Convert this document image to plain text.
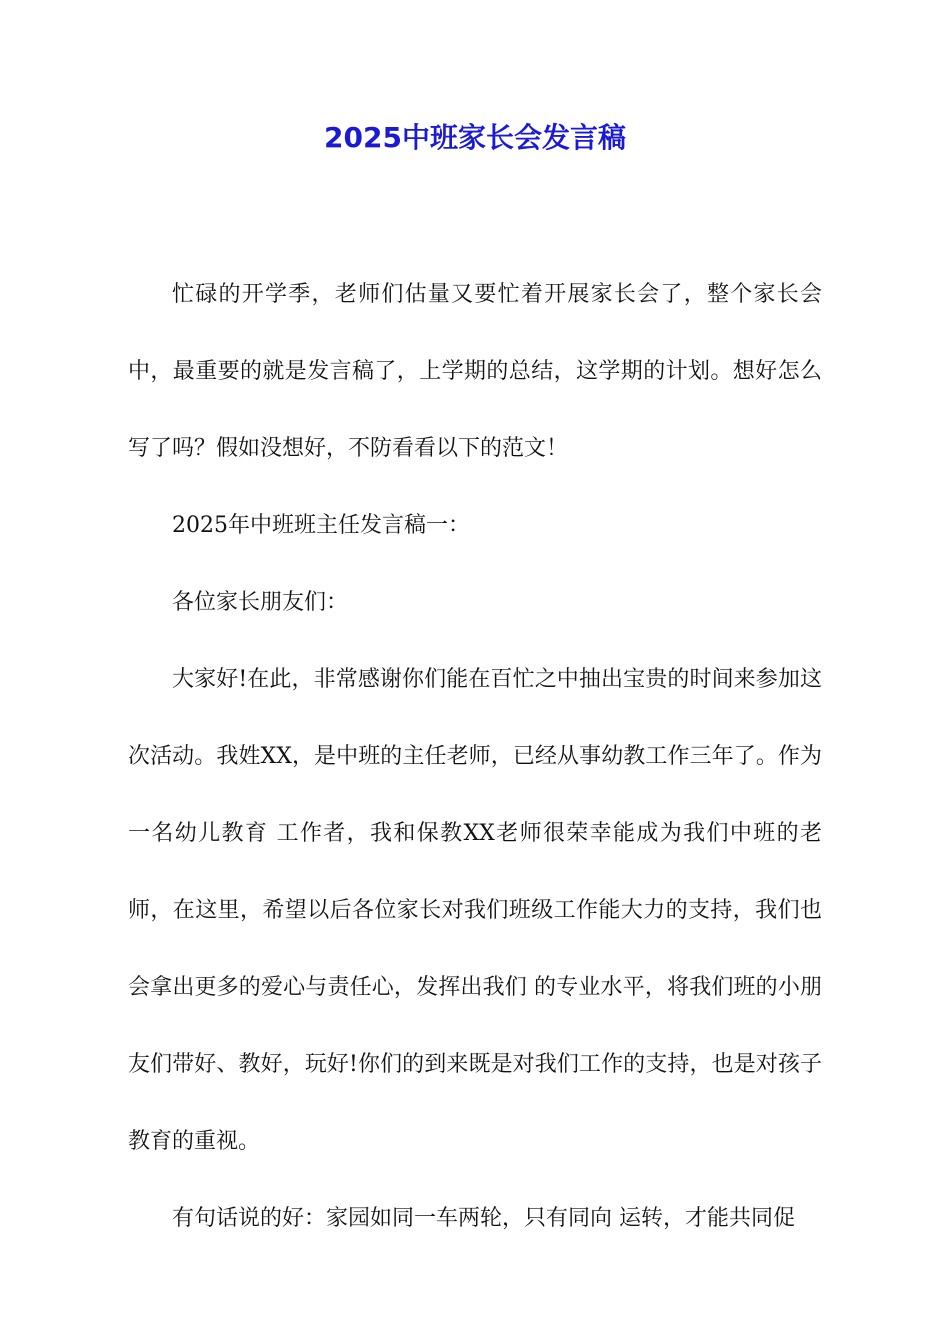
2025中班家长会发言稿

忙碌的开学季，老师们估量又要忙着开展家长会了，整个家长会中，最重要的就是发言稿了，上学期的总结，这学期的计划。想好怎么写了吗？假如没想好，不防看看以下的范文！

2025年中班班主任发言稿一：

各位家长朋友们：

大家好!在此，非常感谢你们能在百忙之中抽出宝贵的时间来参加这次活动。我姓XX，是中班的主任老师，已经从事幼教工作三年了。作为一名幼儿教育 工作者，我和保教XX老师很荣幸能成为我们中班的老师，在这里，希望以后各位家长对我们班级工作能大力的支持，我们也会拿出更多的爱心与责任心，发挥出我们 的专业水平，将我们班的小朋友们带好、教好，玩好!你们的到来既是对我们工作的支持，也是对孩子教育的重视。

有句话说的好：家园如同一车两轮，只有同向 运转，才能共同促
